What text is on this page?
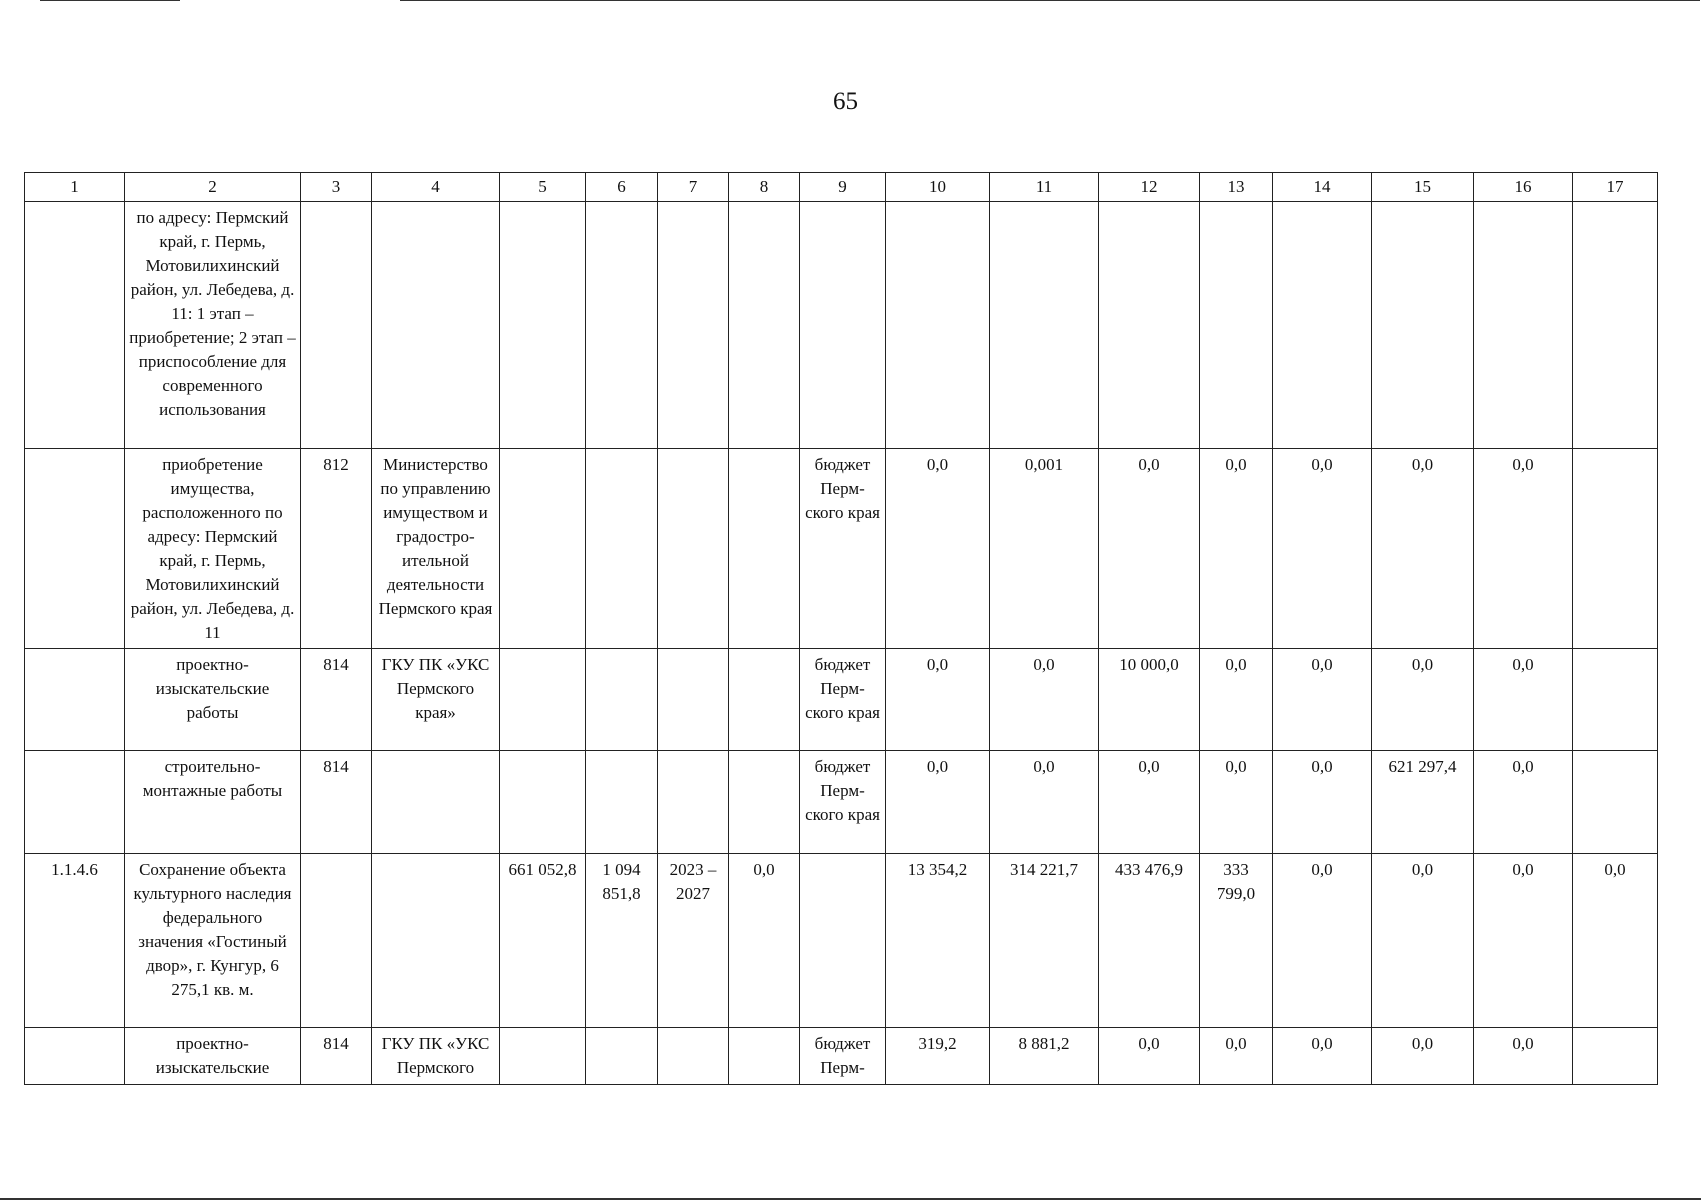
65
1	2	3	4	5	6	7	8	9	10	11	12	13	14	15	16	17
	по адресу: Пермский край, г. Пермь, Мотовилихинский район, ул. Лебедева, д. 11: 1 этап – приобретение; 2 этап – приспособление для современного использования															
	приобретение имущества, расположенного по адресу: Пермский край, г. Пермь, Мотовилихинский район, ул. Лебедева, д. 11	812	Министерство по управлению имуществом и градостро-ительной деятельности Пермского края					бюджет Перм-ского края	0,0	0,001	0,0	0,0	0,0	0,0	0,0	
	проектно-изыскательские работы	814	ГКУ ПК «УКС Пермского края»					бюджет Перм-ского края	0,0	0,0	10 000,0	0,0	0,0	0,0	0,0	
	строительно-монтажные работы	814						бюджет Перм-ского края	0,0	0,0	0,0	0,0	0,0	621 297,4	0,0	
1.1.4.6	Сохранение объекта культурного наследия федерального значения «Гостиный двор», г. Кунгур, 6 275,1 кв. м.			661 052,8	1 094 851,8	2023 – 2027	0,0		13 354,2	314 221,7	433 476,9	333 799,0	0,0	0,0	0,0	0,0
	проектно-изыскательские	814	ГКУ ПК «УКС Пермского					бюджет Перм-	319,2	8 881,2	0,0	0,0	0,0	0,0	0,0	
